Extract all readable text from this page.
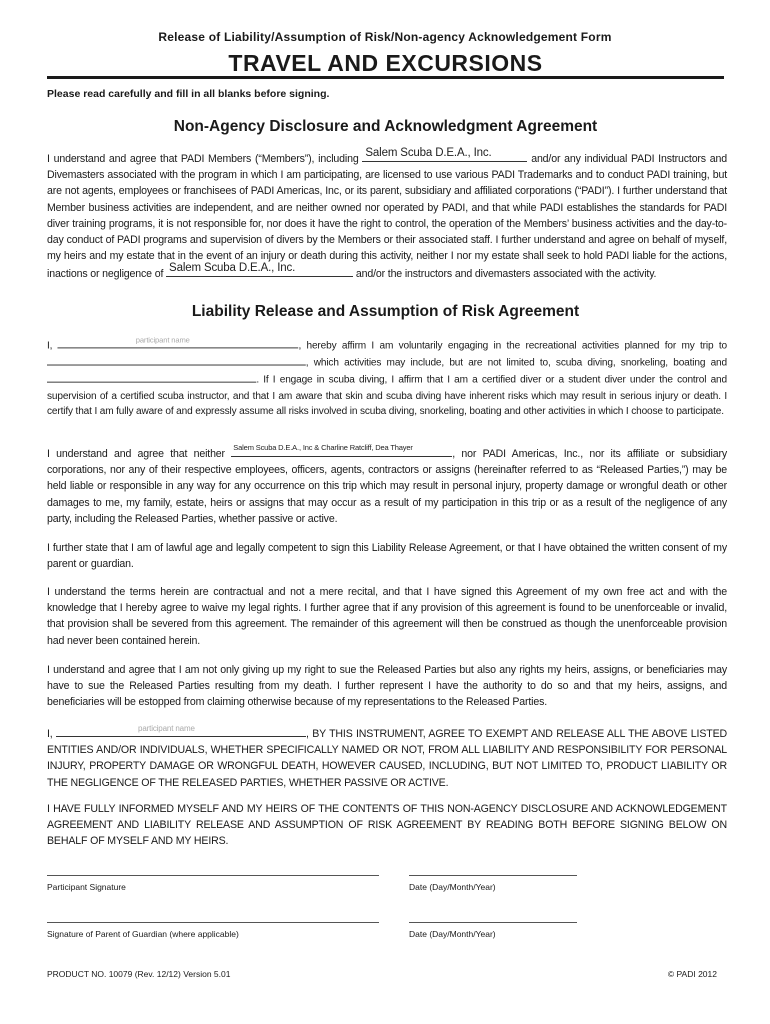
Release of Liability/Assumption of Risk/Non-agency Acknowledgement Form
TRAVEL AND EXCURSIONS
Please read carefully and fill in all blanks before signing.
Non-Agency Disclosure and Acknowledgment Agreement
I understand and agree that PADI Members (“Members”), including Salem Scuba D.E.A., Inc.	and/or any individual PADI Instructors and Divemasters associated with the program in which I am participating, are licensed to use various PADI Trademarks and to conduct PADI training, but are not agents, employees or franchisees of PADI Americas, Inc, or its parent, subsidiary and affiliated corporations (“PADI”). I further understand that Member business activities are independent, and are neither owned nor operated by PADI, and that while PADI establishes the standards for PADI diver training programs, it is not responsible for, nor does it have the right to control, the operation of the Members’ business activities and the day-to-day conduct of PADI programs and supervision of divers by the Members or their associated staff. I further understand and agree on behalf of myself, my heirs and my estate that in the event of an injury or death during this activity, neither I nor my estate shall seek to hold PADI liable for the actions, inactions or negligence of Salem Scuba D.E.A., Inc.	and/or the instructors and divemasters associated with the activity.
Liability Release and Assumption of Risk Agreement
I,	participant name	, hereby affirm I am voluntarily engaging in the recreational activities planned for my trip to , which activities may include, but are not limited to, scuba diving, snorkeling, boating and . If I engage in scuba diving, I affirm that I am a certified diver or a student diver under the control and supervision of a certified scuba instructor, and that I am aware that skin and scuba diving have inherent risks which may result in serious injury or death. I certify that I am fully aware of and expressly assume all risks involved in scuba diving, snorkeling, boating and other activities in which I choose to participate.
I understand and agree that neither
Salem Scuba D.E.A., Inc & Charline Ratcliff, Dea Thayer
, nor PADI Americas, Inc., nor its affiliate or subsidiary corporations, nor any of their respective employees, officers, agents, contractors or assigns (hereinafter referred to as “Released Parties,”) may be held liable or responsible in any way for any occurrence on this trip which may result in personal injury, property damage or wrongful death or other damages to me, my family, estate, heirs or assigns that may occur as a result of my participation in this trip or as a result of the negligence of any party, including the Released Parties, whether passive or active.
I further state that I am of lawful age and legally competent to sign this Liability Release Agreement, or that I have obtained the written consent of my parent or guardian.
I understand the terms herein are contractual and not a mere recital, and that I have signed this Agreement of my own free act and with the knowledge that I hereby agree to waive my legal rights. I further agree that if any provision of this agreement is found to be unenforceable or invalid, that provision shall be severed from this agreement. The remainder of this agreement will then be construed as though the unenforceable provision had never been contained herein.
I understand and agree that I am not only giving up my right to sue the Released Parties but also any rights my heirs, assigns, or beneficiaries may have to sue the Released Parties resulting from my death. I further represent I have the authority to do so and that my heirs, assigns, and beneficiaries will be estopped from claiming otherwise because of my representations to the Released Parties.
I,	participant name	, BY THIS INSTRUMENT, AGREE TO EXEMPT AND RELEASE ALL THE ABOVE LISTED ENTITIES AND/OR INDIVIDUALS, WHETHER SPECIFICALLY NAMED OR NOT, FROM ALL LIABILITY AND RESPONSIBILITY FOR PERSONAL INJURY, PROPERTY DAMAGE OR WRONGFUL DEATH, HOWEVER CAUSED, INCLUDING, BUT NOT LIMITED TO, PRODUCT LIABILITY OR THE NEGLIGENCE OF THE RELEASED PARTIES, WHETHER PASSIVE OR ACTIVE.
I HAVE FULLY INFORMED MYSELF AND MY HEIRS OF THE CONTENTS OF THIS NON-AGENCY DISCLOSURE AND ACKNOWLEDGEMENT AGREEMENT AND LIABILITY RELEASE AND ASSUMPTION OF RISK AGREEMENT BY READING BOTH BEFORE SIGNING BELOW ON BEHALF OF MYSELF AND MY HEIRS.
Participant Signature	Date (Day/Month/Year)
Signature of Parent of Guardian (where applicable)	Date (Day/Month/Year)
PRODUCT NO. 10079 (Rev. 12/12) Version 5.01	© PADI 2012
